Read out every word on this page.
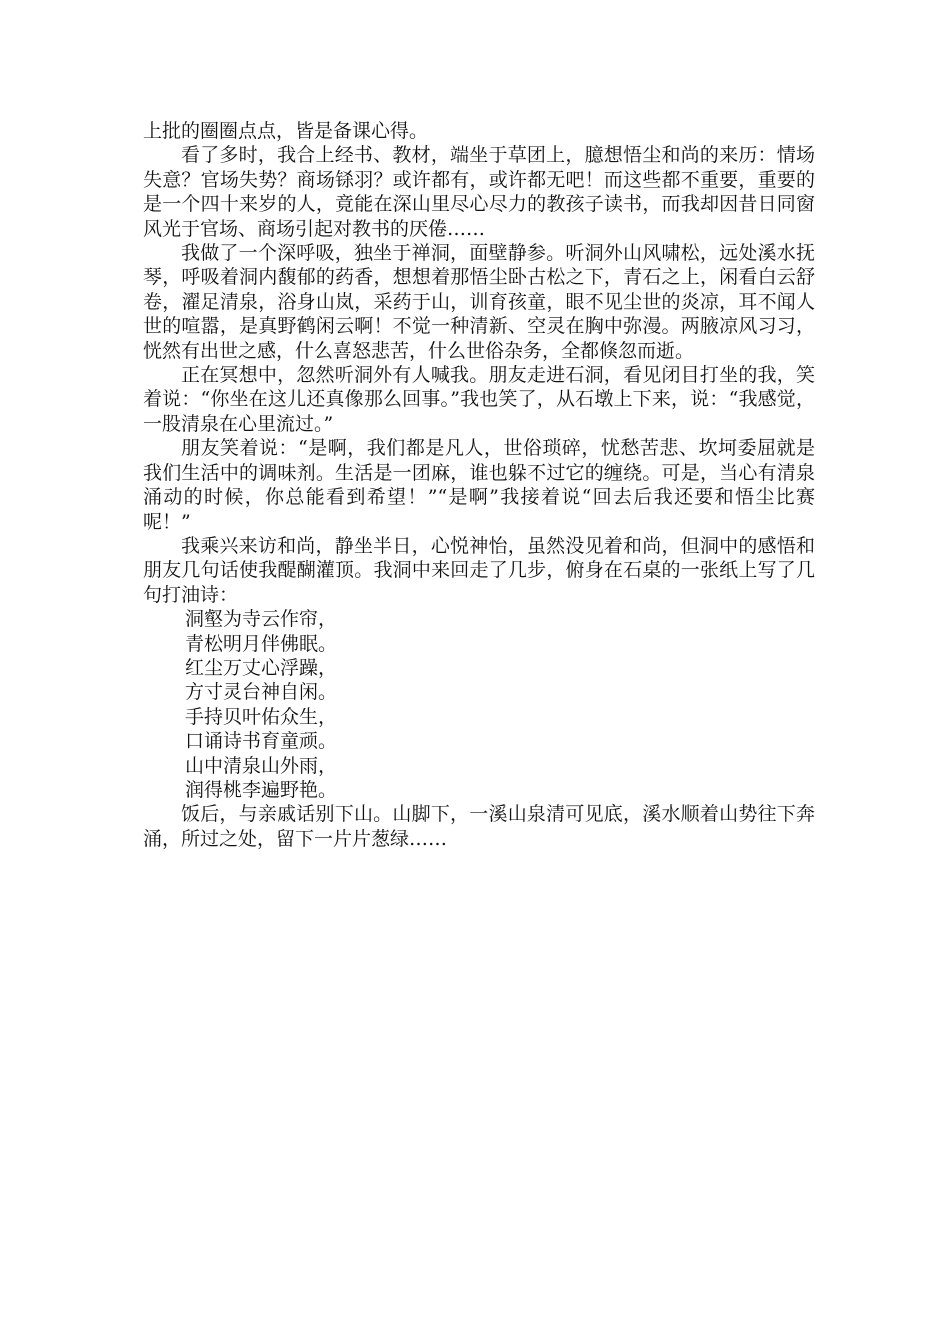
上批的圈圈点点，皆是备课心得。

看了多时，我合上经书、教材，端坐于草团上，臆想悟尘和尚的来历：情场失意？官场失势？商场铩羽？或许都有，或许都无吧！而这些都不重要，重要的是一个四十来岁的人，竟能在深山里尽心尽力的教孩子读书，而我却因昔日同窗风光于官场、商场引起对教书的厌倦……

我做了一个深呼吸，独坐于禅洞，面壁静参。听洞外山风啸松，远处溪水抚琴，呼吸着洞内馥郁的药香，想想着那悟尘卧古松之下，青石之上，闲看白云舒卷，濯足清泉，浴身山岚，采药于山，训育孩童，眼不见尘世的炎凉，耳不闻人世的喧嚣，是真野鹤闲云啊！不觉一种清新、空灵在胸中弥漫。两腋凉风习习，恍然有出世之感，什么喜怒悲苦，什么世俗杂务，全都倏忽而逝。

正在冥想中，忽然听洞外有人喊我。朋友走进石洞，看见闭目打坐的我，笑着说：“你坐在这儿还真像那么回事。”我也笑了，从石墩上下来，说：“我感觉，一股清泉在心里流过。”

朋友笑着说：“是啊，我们都是凡人，世俗琐碎，忧愁苦悲、坎坷委屈就是我们生活中的调味剂。生活是一团麻，谁也躲不过它的缠绕。可是，当心有清泉涌动的时候，你总能看到希望！”“是啊”我接着说“回去后我还要和悟尘比赛呢！”

我乘兴来访和尚，静坐半日，心悦神怡，虽然没见着和尚，但洞中的感悟和朋友几句话使我醍醐灌顶。我洞中来回走了几步，俯身在石桌的一张纸上写了几句打油诗：

洞壑为寺云作帘，

青松明月伴佛眠。

红尘万丈心浮躁，

方寸灵台神自闲。

手持贝叶佑众生，

口诵诗书育童顽。

山中清泉山外雨，

润得桃李遍野艳。

饭后，与亲戚话别下山。山脚下，一溪山泉清可见底，溪水顺着山势往下奔涌，所过之处，留下一片片葱绿……
